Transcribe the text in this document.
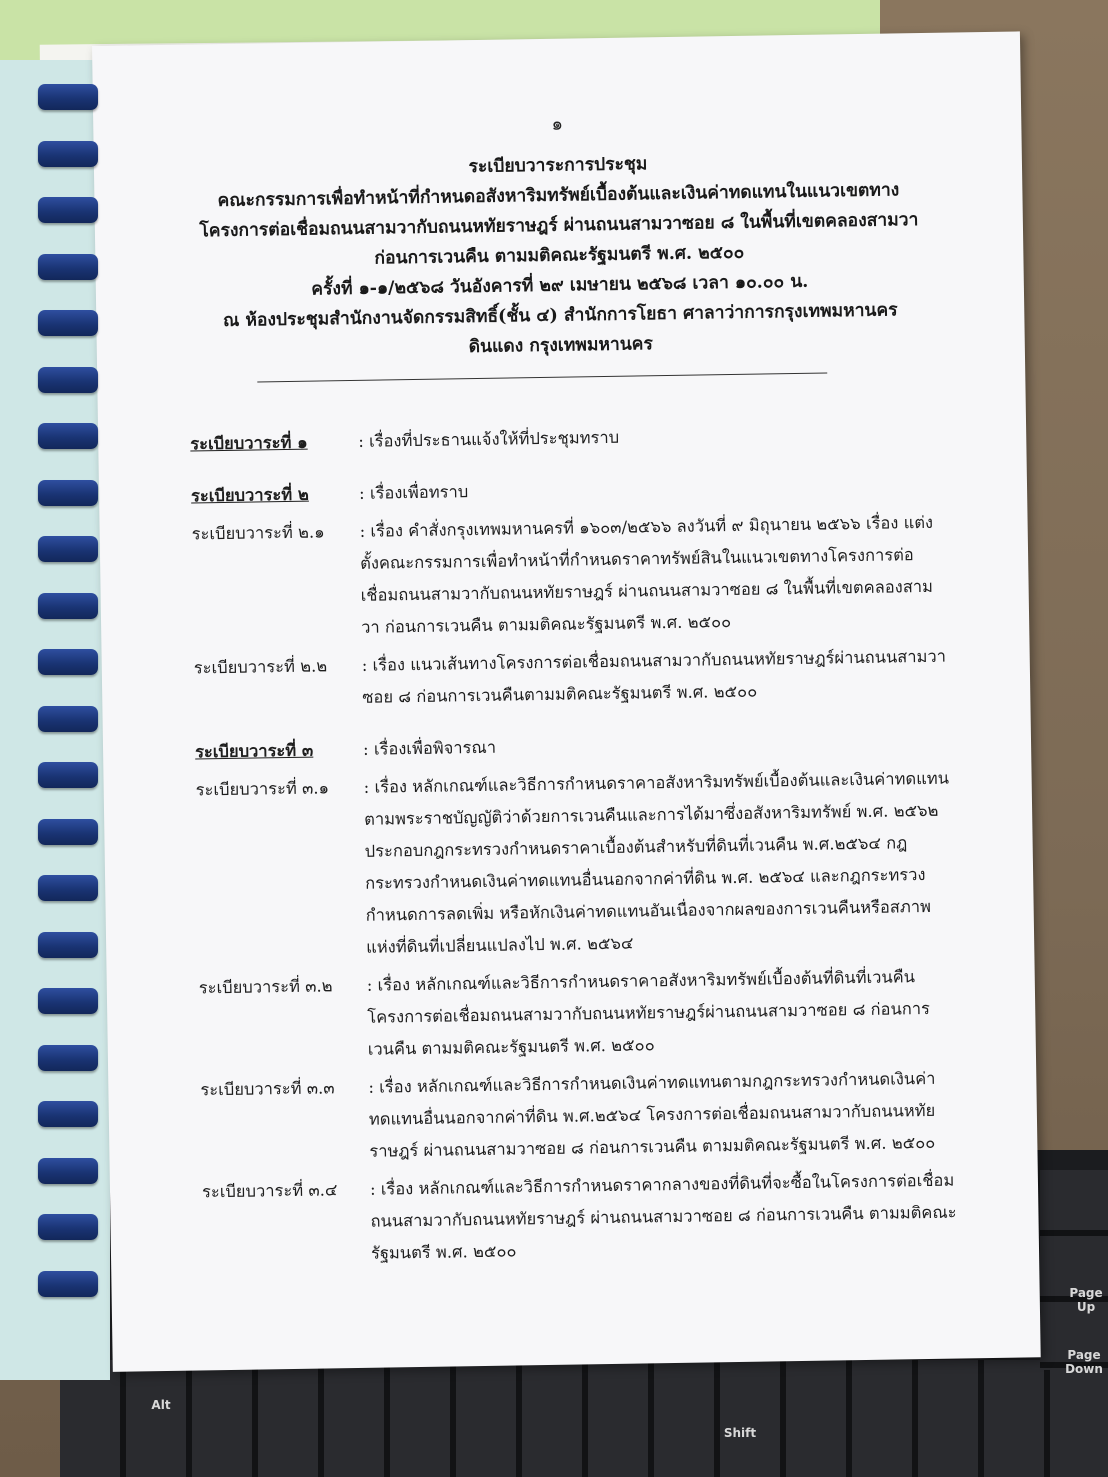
Page Up
Page Down
Shift
Alt
๑
ระเบียบวาระการประชุม
คณะกรรมการเพื่อทำหน้าที่กำหนดอสังหาริมทรัพย์เบื้องต้นและเงินค่าทดแทนในแนวเขตทาง
โครงการต่อเชื่อมถนนสามวากับถนนหทัยราษฎร์ ผ่านถนนสามวาซอย ๘ ในพื้นที่เขตคลองสามวา
ก่อนการเวนคืน ตามมติคณะรัฐมนตรี พ.ศ. ๒๕๐๐
ครั้งที่ ๑-๑/๒๕๖๘ วันอังคารที่ ๒๙ เมษายน ๒๕๖๘ เวลา ๑๐.๐๐ น.
ณ ห้องประชุมสำนักงานจัดกรรมสิทธิ์(ชั้น ๔) สำนักการโยธา ศาลาว่าการกรุงเทพมหานคร
ดินแดง กรุงเทพมหานคร
ระเบียบวาระที่ ๑	: เรื่องที่ประธานแจ้งให้ที่ประชุมทราบ
ระเบียบวาระที่ ๒	: เรื่องเพื่อทราบ
ระเบียบวาระที่ ๒.๑	: เรื่อง คำสั่งกรุงเทพมหานครที่ ๑๖๐๓/๒๕๖๖ ลงวันที่ ๙ มิถุนายน ๒๕๖๖ เรื่อง แต่งตั้งคณะกรรมการเพื่อทำหน้าที่กำหนดราคาทรัพย์สินในแนวเขตทางโครงการต่อเชื่อมถนนสามวากับถนนหทัยราษฎร์ ผ่านถนนสามวาซอย ๘ ในพื้นที่เขตคลองสามวา ก่อนการเวนคืน ตามมติคณะรัฐมนตรี พ.ศ. ๒๕๐๐
ระเบียบวาระที่ ๒.๒	: เรื่อง แนวเส้นทางโครงการต่อเชื่อมถนนสามวากับถนนหทัยราษฎร์ผ่านถนนสามวาซอย ๘ ก่อนการเวนคืนตามมติคณะรัฐมนตรี พ.ศ. ๒๕๐๐
ระเบียบวาระที่ ๓	: เรื่องเพื่อพิจารณา
ระเบียบวาระที่ ๓.๑	: เรื่อง หลักเกณฑ์และวิธีการกำหนดราคาอสังหาริมทรัพย์เบื้องต้นและเงินค่าทดแทนตามพระราชบัญญัติว่าด้วยการเวนคืนและการได้มาซึ่งอสังหาริมทรัพย์ พ.ศ. ๒๕๖๒ ประกอบกฎกระทรวงกำหนดราคาเบื้องต้นสำหรับที่ดินที่เวนคืน พ.ศ.๒๕๖๔ กฎกระทรวงกำหนดเงินค่าทดแทนอื่นนอกจากค่าที่ดิน พ.ศ. ๒๕๖๔ และกฎกระทรวงกำหนดการลดเพิ่ม หรือหักเงินค่าทดแทนอันเนื่องจากผลของการเวนคืนหรือสภาพแห่งที่ดินที่เปลี่ยนแปลงไป พ.ศ. ๒๕๖๔
ระเบียบวาระที่ ๓.๒	: เรื่อง หลักเกณฑ์และวิธีการกำหนดราคาอสังหาริมทรัพย์เบื้องต้นที่ดินที่เวนคืน โครงการต่อเชื่อมถนนสามวากับถนนหทัยราษฎร์ผ่านถนนสามวาซอย ๘ ก่อนการเวนคืน ตามมติคณะรัฐมนตรี พ.ศ. ๒๕๐๐
ระเบียบวาระที่ ๓.๓	: เรื่อง หลักเกณฑ์และวิธีการกำหนดเงินค่าทดแทนตามกฎกระทรวงกำหนดเงินค่าทดแทนอื่นนอกจากค่าที่ดิน พ.ศ.๒๕๖๔ โครงการต่อเชื่อมถนนสามวากับถนนหทัยราษฎร์ ผ่านถนนสามวาซอย ๘ ก่อนการเวนคืน ตามมติคณะรัฐมนตรี พ.ศ. ๒๕๐๐
ระเบียบวาระที่ ๓.๔	: เรื่อง หลักเกณฑ์และวิธีการกำหนดราคากลางของที่ดินที่จะซื้อในโครงการต่อเชื่อมถนนสามวากับถนนหทัยราษฎร์ ผ่านถนนสามวาซอย ๘ ก่อนการเวนคืน ตามมติคณะรัฐมนตรี พ.ศ. ๒๕๐๐
